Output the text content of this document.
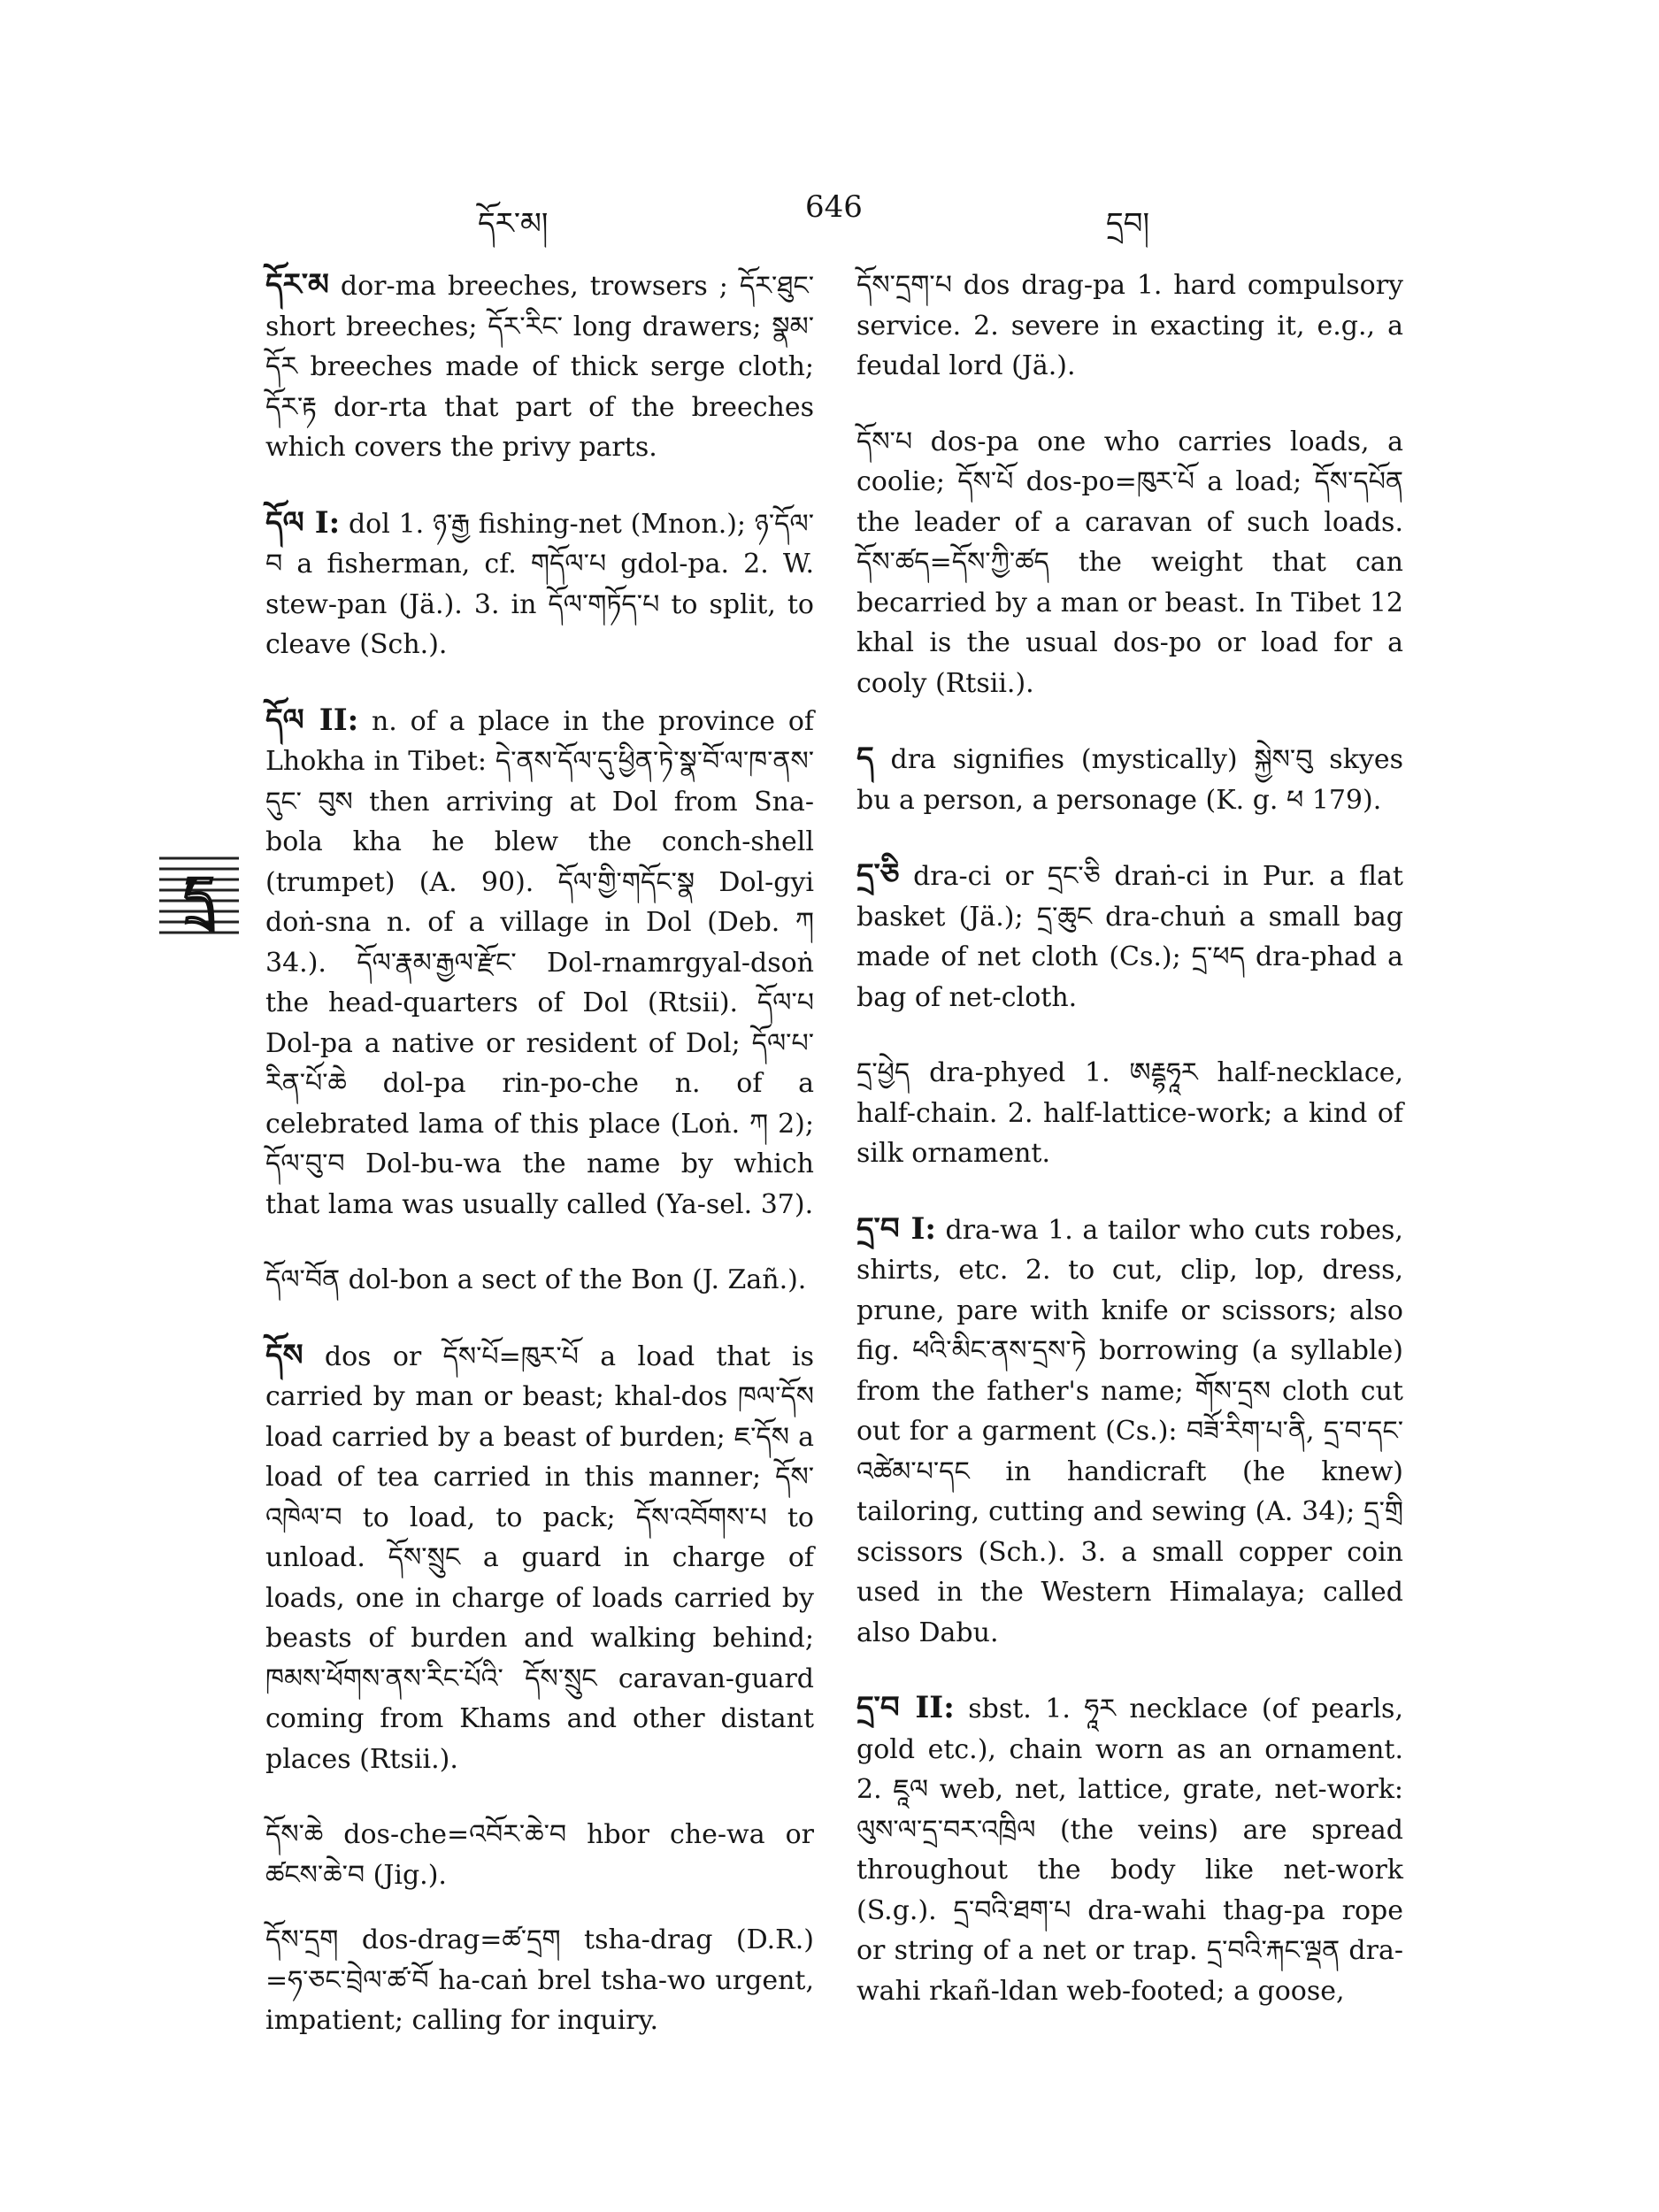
དོར་མ།	646	དྲབ།
དྲ

དོར་མ dor-ma breeches, trowsers ; དོར་ཐུང་ short breeches; དོར་རིང་ long drawers; སྣམ་དོར breeches made of thick serge cloth; དོར་རྟ dor-rta that part of the breeches which covers the privy parts.

དོལ I: dol 1. ཉ་རྒྱ fishing-net (Mnon.); ཉ་དོལ་བ a fisherman, cf. གདོལ་པ gdol-pa. 2. W. stew-pan (Jä.). 3. in དོལ་གཏོད་པ to split, to cleave (Sch.).

དོལ II: n. of a place in the province of Lhokha in Tibet: དེ་ནས་དོལ་དུ་ཕྱིན་ཏེ་སྣ་བོ་ལ་ཁ་ནས་དུང་ བུས then arriving at Dol from Sna-bola kha he blew the conch-shell (trumpet) (A. 90). དོལ་གྱི་གདོང་སྣ Dol-gyi doṅ-sna n. of a village in Dol (Deb. ཀ 34.). དོལ་རྣམ་རྒྱལ་རྫོང་ Dol-rnamrgyal-dsoṅ the head-quarters of Dol (Rtsii). དོལ་པ Dol-pa a native or resident of Dol; དོལ་པ་རིན་པོ་ཆེ dol-pa rin-po-che n. of a celebrated lama of this place (Loṅ. ཀ 2); དོལ་བུ་བ Dol-bu-wa the name by which that lama was usually called (Ya-sel. 37).

དོལ་བོན dol-bon a sect of the Bon (J. Zañ.).

དོས dos or དོས་པོ=ཁུར་པོ a load that is carried by man or beast; khal-dos ཁལ་དོས load carried by a beast of burden; ཇ་དོས a load of tea carried in this manner; དོས་འཁེལ་བ to load, to pack; དོས་འབོགས་པ to unload. དོས་སྲུང a guard in charge of loads, one in charge of loads carried by beasts of burden and walking behind; ཁམས་ཕོགས་ནས་རིང་པོའི་ དོས་སྲུང caravan-guard coming from Khams and other distant places (Rtsii.).

དོས་ཆེ dos-che=འབོར་ཆེ་བ hbor che-wa or ཚངས་ཆེ་བ (Jig.).

དོས་དྲག dos-drag=ཚ་དྲག tsha-drag (D.R.) =ཧ་ཅང་བྲེལ་ཚ་བོ ha-caṅ brel tsha-wo urgent, impatient; calling for inquiry.

དོས་དྲག་པ dos drag-pa 1. hard compulsory service. 2. severe in exacting it, e.g., a feudal lord (Jä.).

དོས་པ dos-pa one who carries loads, a coolie; དོས་པོ dos-po=ཁུར་པོ a load; དོས་དཔོན the leader of a caravan of such loads. དོས་ཚད=དོས་ཀྱི་ཚད the weight that can becarried by a man or beast. In Tibet 12 khal is the usual dos-po or load for a cooly (Rtsii.).

ད dra signifies (mystically) སྐྱེས་བུ skyes bu a person, a personage (K. g. ཕ 179).

དྲ་ཅི dra-ci or དྲང་ཅི draṅ-ci in Pur. a flat basket (Jä.); དྲ་ཆུང dra-chuṅ a small bag made of net cloth (Cs.); དྲ་ཕད dra-phad a bag of net-cloth.

དྲ་ཕྱེད dra-phyed 1. ཨརྡྷཧཱར half-necklace, half-chain. 2. half-lattice-work; a kind of silk ornament.

དྲ་བ I: dra-wa 1. a tailor who cuts robes, shirts, etc. 2. to cut, clip, lop, dress, prune, pare with knife or scissors; also fig. ཕའི་མིང་ནས་དྲས་ཏེ borrowing (a syllable) from the father's name; གོས་དྲས cloth cut out for a garment (Cs.): བཟོ་རིག་པ་ནི, དྲ་བ་དང་ འཚེམ་པ་དང in handicraft (he knew) tailoring, cutting and sewing (A. 34); དྲ་གྲི scissors (Sch.). 3. a small copper coin used in the Western Himalaya; called also Dabu.

དྲ་བ II: sbst. 1. ཧཱར necklace (of pearls, gold etc.), chain worn as an ornament. 2. ཇཱལ web, net, lattice, grate, net-work: ལུས་ལ་དྲ་བར་འཁྲིལ (the veins) are spread throughout the body like net-work (S.g.). དྲ་བའི་ཐག་པ dra-wahi thag-pa rope or string of a net or trap. དྲ་བའི་རྐང་ལྡན dra-wahi rkañ-ldan web-footed; a goose,
